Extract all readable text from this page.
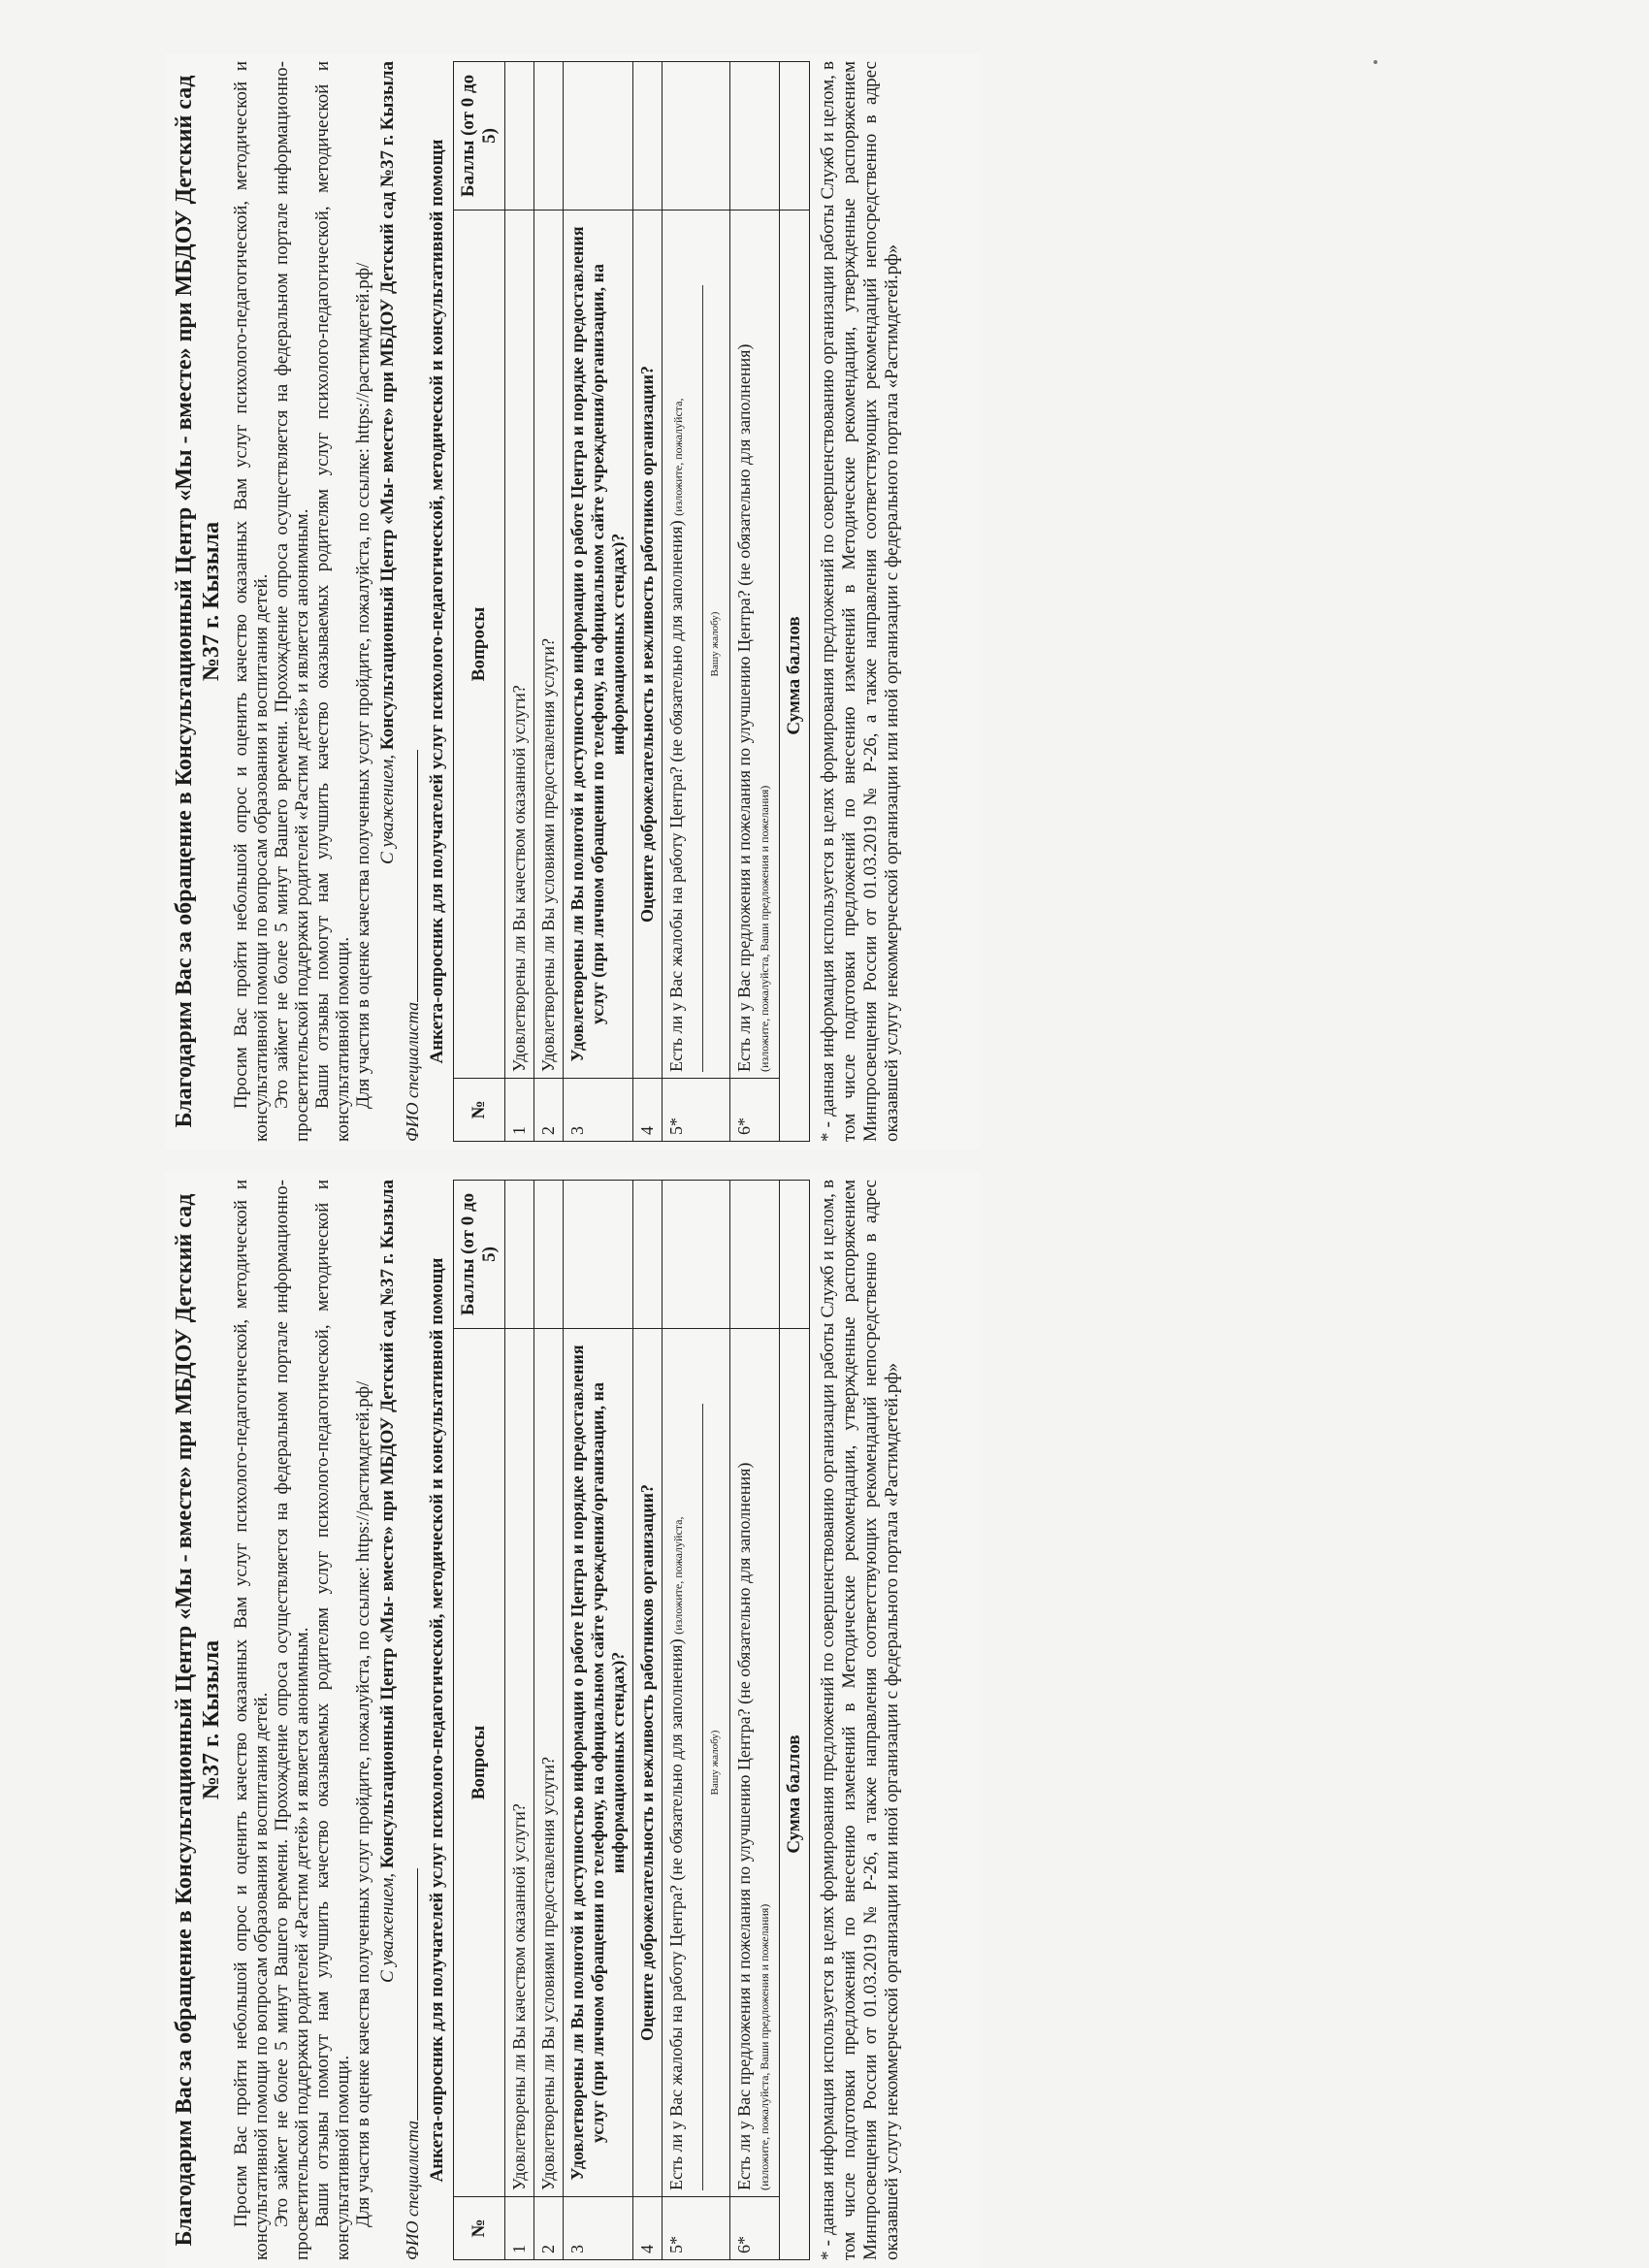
Благодарим Вас за обращение в Консультационный Центр «Мы - вместе» при МБДОУ Детский сад №37 г. Кызыла Просим Вас пройти небольшой опрос и оценить качество оказанных Вам услуг психолого-педагогической, методической и консультативной помощи по вопросам образования и воспитания детей. Это займет не более 5 минут Вашего времени. Прохождение опроса осуществляется на федеральном портале информационно-просветительской поддержки родителей «Растим детей» и является анонимным. Ваши отзывы помогут нам улучшить качество оказываемых родителям услуг психолого-педагогической, методической и консультативной помощи. Для участия в оценке качества полученных услуг пройдите, пожалуйста, по ссылке: https://растимдетей.рф/ С уважением, Консультационный Центр «Мы- вместе» при МБДОУ Детский сад №37 г. Кызыла
ФИО специалиста
Анкета-опросник для получателей услуг психолого-педагогической, методической и консультативной помощи
№	Вопросы	Баллы (от 0 до 5)
1	Удовлетворены ли Вы качеством оказанной услуги?	
2	Удовлетворены ли Вы условиями предоставления услуги?	
3	Удовлетворены ли Вы полнотой и доступностью информации о работе Центра и порядке предоставления услуг (при личном обращении по телефону, на официальном сайте учреждения/организации, на информационных стендах)?	
4	Оцените доброжелательность и вежливость работников организации?	
5*	Есть ли у Вас жалобы на работу Центра? (не обязательно для заполнения) (изложите, пожалуйста,
Вашу жалобу)	

6*	Есть ли у Вас предложения и пожелания по улучшению Центра? (не обязательно для заполнения) (изложите, пожалуйста, Ваши предложения и пожелания)	

Сумма баллов		* - данная информация используется в целях формирования предложений по совершенствованию организации работы Служб и целом, в том числе подготовки предложений по внесению изменений в Методические рекомендации, утвержденные распоряжением Минпросвещения России от 01.03.2019 № Р-26, а также направления соответствующих рекомендаций непосредственно в адрес оказавшей услугу некоммерческой организации или иной организации с федерального портала «Растимдетей.рф»
Благодарим Вас за обращение в Консультационный Центр «Мы - вместе» при МБДОУ Детский сад №37 г. Кызыла Просим Вас пройти небольшой опрос и оценить качество оказанных Вам услуг психолого-педагогической, методической и консультативной помощи по вопросам образования и воспитания детей. Это займет не более 5 минут Вашего времени. Прохождение опроса осуществляется на федеральном портале информационно-просветительской поддержки родителей «Растим детей» и является анонимным. Ваши отзывы помогут нам улучшить качество оказываемых родителям услуг психолого-педагогической, методической и консультативной помощи. Для участия в оценке качества полученных услуг пройдите, пожалуйста, по ссылке: https://растимдетей.рф/ С уважением, Консультационный Центр «Мы- вместе» при МБДОУ Детский сад №37 г. Кызыла
ФИО специалиста
Анкета-опросник для получателей услуг психолого-педагогической, методической и консультативной помощи
№	Вопросы	Баллы (от 0 до 5)
1	Удовлетворены ли Вы качеством оказанной услуги?	
2	Удовлетворены ли Вы условиями предоставления услуги?	
3	Удовлетворены ли Вы полнотой и доступностью информации о работе Центра и порядке предоставления услуг (при личном обращении по телефону, на официальном сайте учреждения/организации, на информационных стендах)?	
4	Оцените доброжелательность и вежливость работников организации?	
5*	Есть ли у Вас жалобы на работу Центра? (не обязательно для заполнения) (изложите, пожалуйста,
Вашу жалобу)	

6*	Есть ли у Вас предложения и пожелания по улучшению Центра? (не обязательно для заполнения) (изложите, пожалуйста, Ваши предложения и пожелания)	

Сумма баллов		* - данная информация используется в целях формирования предложений по совершенствованию организации работы Служб и целом, в том числе подготовки предложений по внесению изменений в Методические рекомендации, утвержденные распоряжением Минпросвещения России от 01.03.2019 № Р-26, а также направления соответствующих рекомендаций непосредственно в адрес оказавшей услугу некоммерческой организации или иной организации с федерального портала «Растимдетей.рф»
